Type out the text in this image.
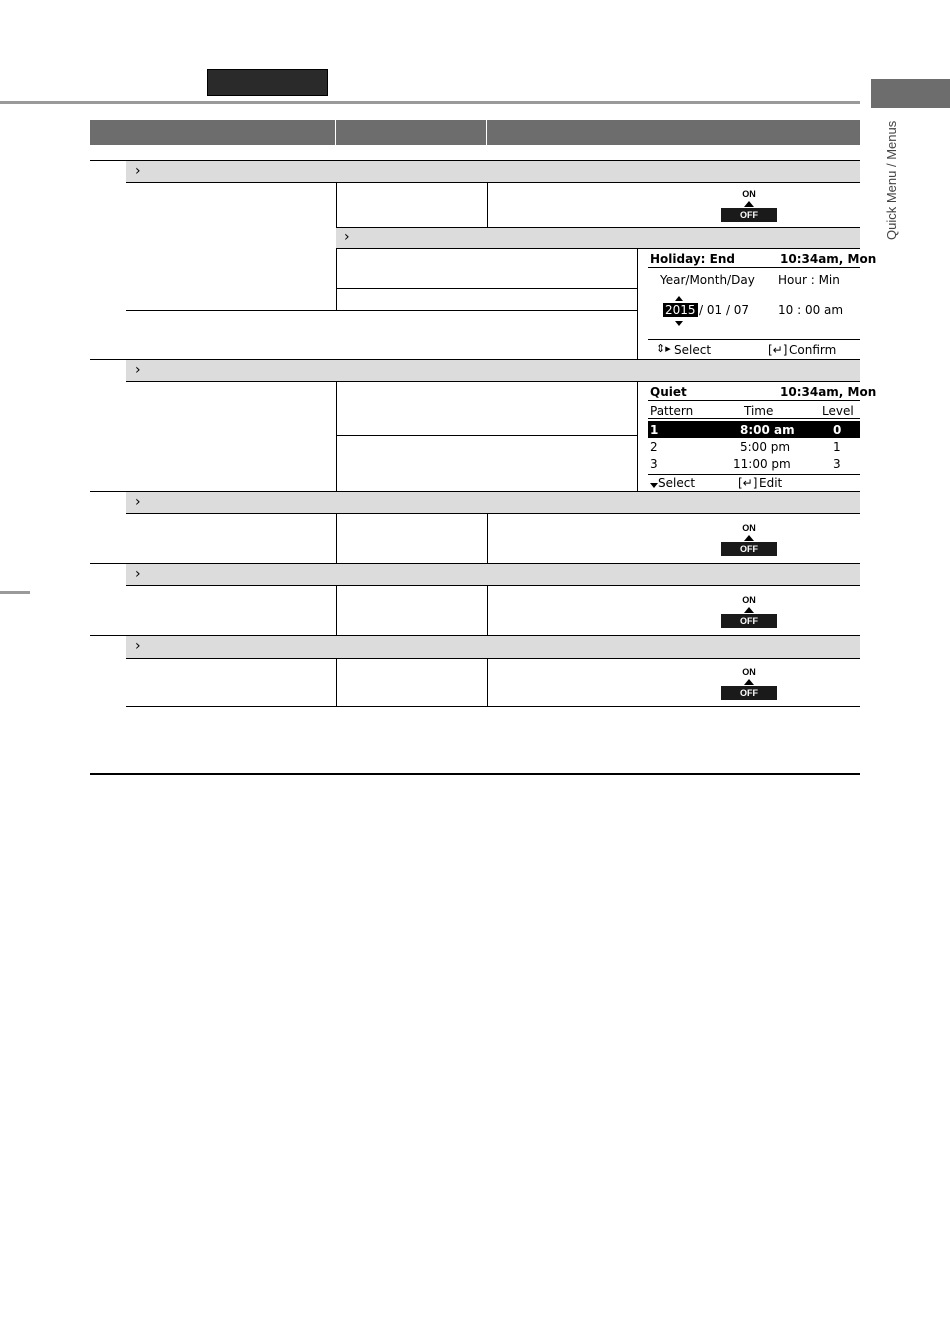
Quick Menu / Menus
›
ON
OFF
›
Holiday: End	10:34am, Mon
Year/Month/Day Hour : Min
2015 / 01 / 07 10 : 00 am
⇕▸ Select	[↵] Confirm
›
Quiet	10:34am, Mon
Pattern	Time	Level
1	8:00 am	0
2	5:00 pm	1
3	11:00 pm	3
Select	[↵] Edit
›
ON
OFF
›
ON
OFF
›
ON
OFF
